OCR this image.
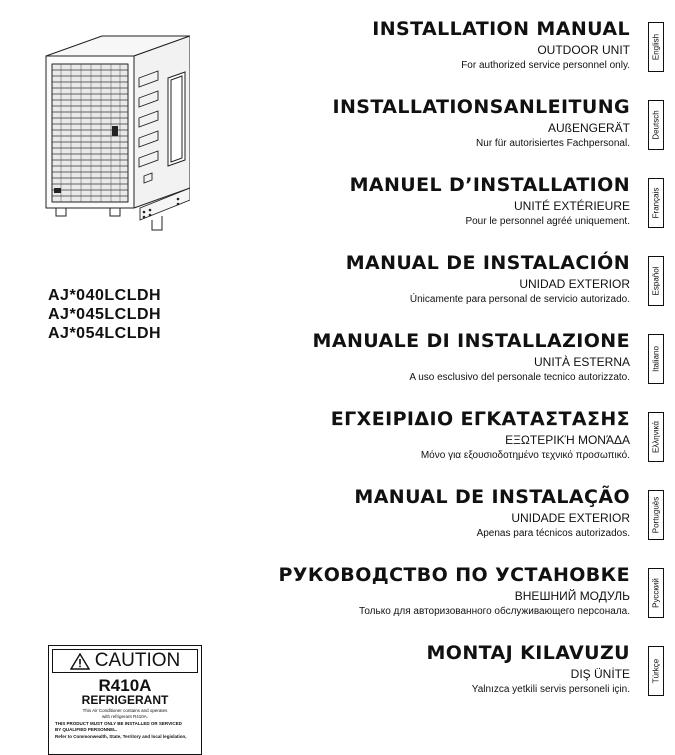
AJ*040LCLDH
AJ*045LCLDH
AJ*054LCLDH
INSTALLATION MANUAL
OUTDOOR UNIT
For authorized service personnel only.
English
INSTALLATIONSANLEITUNG
AUßENGERÄT
Nur für autorisiertes Fachpersonal.
Deutsch
MANUEL D’INSTALLATION
UNITÉ EXTÉRIEURE
Pour le personnel agréé uniquement.
Français
MANUAL DE INSTALACIÓN
UNIDAD EXTERIOR
Únicamente para personal de servicio autorizado.
Español
MANUALE DI INSTALLAZIONE
UNITÀ ESTERNA
A uso esclusivo del personale tecnico autorizzato.
Italiano
ΕΓΧΕΙΡΙΔΙΟ ΕΓΚΑΤΑΣΤΑΣΗΣ
ΕΞΩΤΕΡΙΚΉ ΜΟΝΆΔΑ
Μόνο για εξουσιοδοτημένο τεχνικό προσωπικό.
Ελληνικά
MANUAL DE INSTALAÇÃO
UNIDADE EXTERIOR
Apenas para técnicos autorizados.
Português
РУКОВОДСТВО ПО УСТАНОВКЕ
ВНЕШНИЙ МОДУЛЬ
Только для авторизованного обслуживающего персонала.
Русский
MONTAJ KILAVUZU
DIŞ ÜNİTE
Yalnızca yetkili servis personeli için.
Türkçe
CAUTION
R410A
REFRIGERANT
This Air Conditioner contains and operates
with refrigerant R410A.
THIS PRODUCT MUST ONLY BE INSTALLED OR SERVICED
BY QUALIFIED PERSONNEL.
Refer to Commonwealth, State, Territory and local legislation,
